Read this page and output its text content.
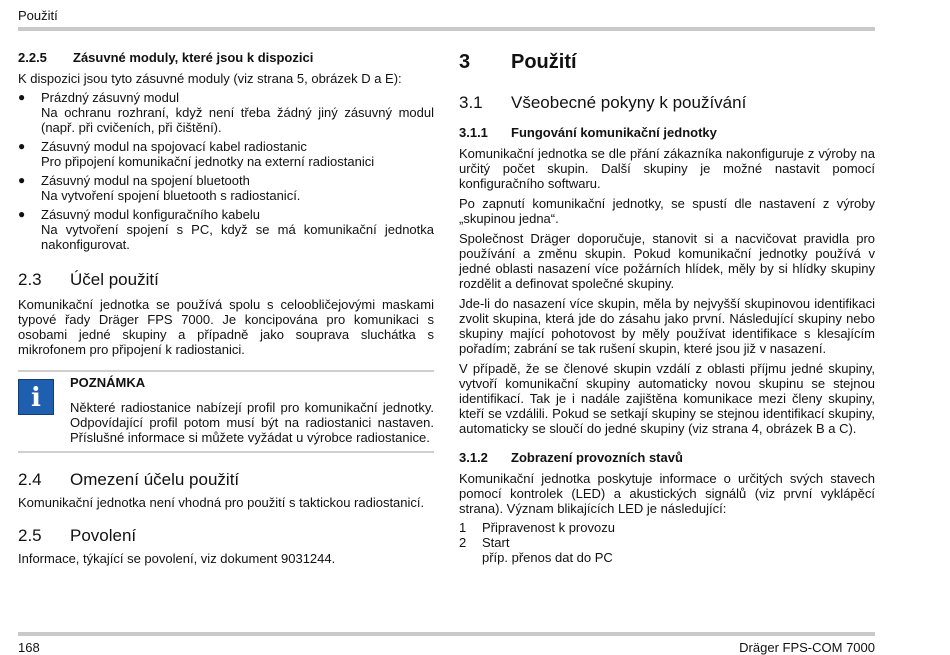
Použití
2.2.5	Zásuvné moduly, které jsou k dispozici

K dispozici jsou tyto zásuvné moduly (viz strana 5, obrázek D a E):

●	Prázdný zásuvný modul
Na ochranu rozhraní, když není třeba žádný jiný zásuvný modul (např. při cvičeních, při čištění).
●	Zásuvný modul na spojovací kabel radiostanic
Pro připojení komunikační jednotky na externí radiostanici
●	Zásuvný modul na spojení bluetooth
Na vytvoření spojení bluetooth s radiostanicí.
●	Zásuvný modul konfiguračního kabelu
Na vytvoření spojení s PC, když se má komunikační jednotka nakonfigurovat.
2.3	Účel použití

Komunikační jednotka se používá spolu s celoobličejovými maskami typové řady Dräger FPS 7000. Je koncipována pro komunikaci s osobami jedné skupiny a případně jako souprava sluchátka s mikrofonem pro připojení k radiostanici.

i
POZNÁMKA

Některé radiostanice nabízejí profil pro komunikační jednotky. Odpovídající profil potom musí být na radiostanici nastaven. Příslušné informace si můžete vyžádat u výrobce radiostanice.

2.4	Omezení účelu použití

Komunikační jednotka není vhodná pro použití s taktickou radiostanicí.

2.5	Povolení

Informace, týkající se povolení, viz dokument 9031244.

3	Použití
3.1	Všeobecné pokyny k používání
3.1.1	Fungování komunikační jednotky

Komunikační jednotka se dle přání zákazníka nakonfiguruje z výroby na určitý počet skupin. Další skupiny je možné nastavit pomocí konfiguračního softwaru.

Po zapnutí komunikační jednotky, se spustí dle nastavení z výroby „skupinou jedna“.

Společnost Dräger doporučuje, stanovit si a nacvičovat pravidla pro používání a změnu skupin. Pokud komunikační jednotky používá v jedné oblasti nasazení více požárních hlídek, měly by si hlídky skupiny rozdělit a definovat společné skupiny.

Jde-li do nasazení více skupin, měla by nejvyšší skupinovou identifikaci zvolit skupina, která jde do zásahu jako první. Následující skupiny nebo skupiny mající pohotovost by měly používat identifikace s klesajícím pořadím; zabrání se tak rušení skupin, které jsou již v nasazení.

V případě, že se členové skupin vzdálí z oblasti příjmu jedné skupiny, vytvoří komunikační skupiny automaticky novou skupinu se stejnou identifikací. Tak je i nadále zajištěna komunikace mezi členy skupiny, kteří se vzdálili. Pokud se setkají skupiny se stejnou identifikací skupiny, automaticky se sloučí do jedné skupiny (viz strana 4, obrázek B a C).

3.1.2	Zobrazení provozních stavů

Komunikační jednotka poskytuje informace o určitých svých stavech pomocí kontrolek (LED) a akustických signálů (viz první vyklápěcí strana). Význam blikajících LED je následující:

1	Připravenost k provozu
2	Start
příp. přenos dat do PC
168	Dräger FPS-COM 7000
